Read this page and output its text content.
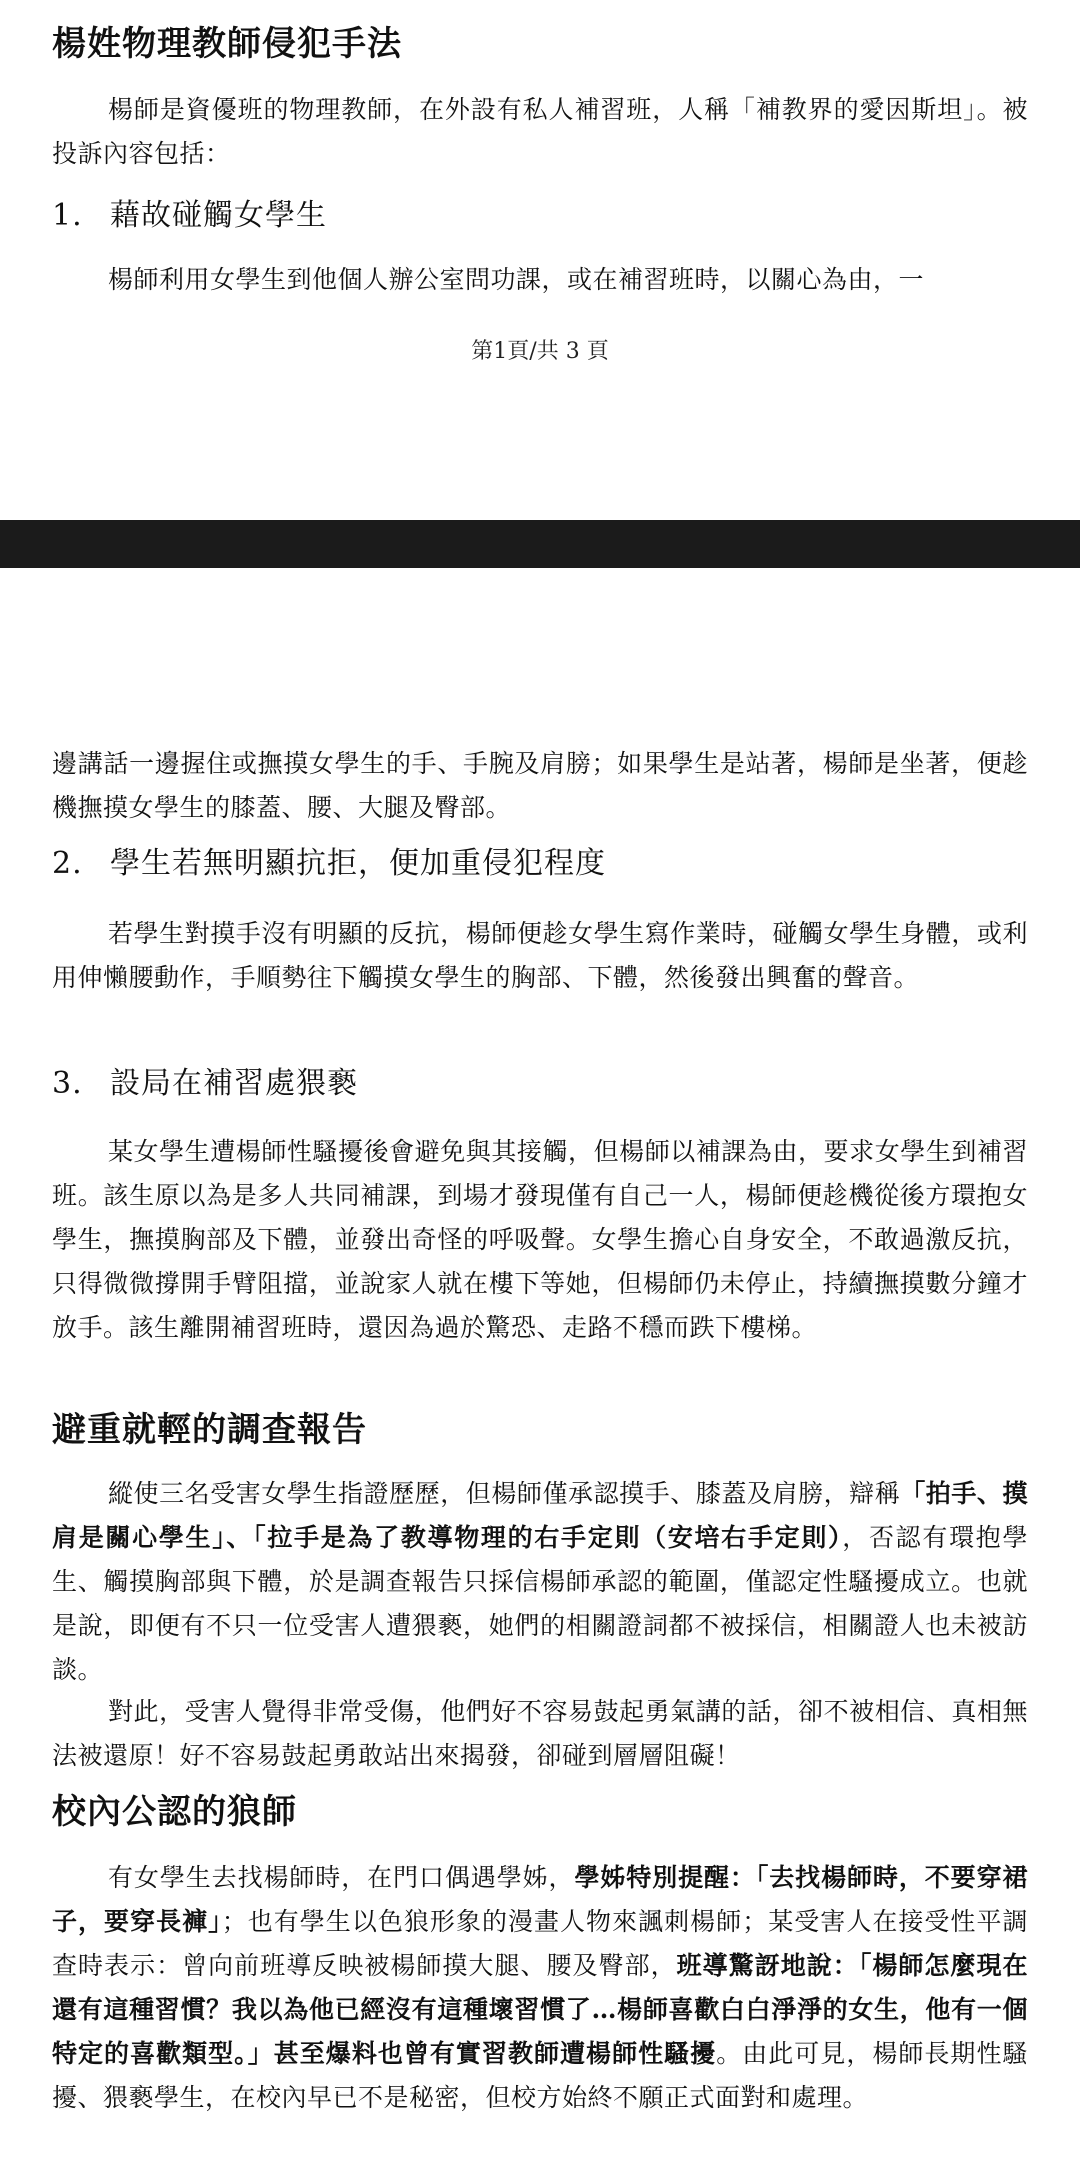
楊姓物理教師侵犯手法

楊師是資優班的物理教師，在外設有私人補習班，人稱「補教界的愛因斯坦」。被投訴內容包括：

1. 藉故碰觸女學生

楊師利用女學生到他個人辦公室問功課，或在補習班時，以關心為由，一

第1頁/共 3 頁

邊講話一邊握住或撫摸女學生的手、手腕及肩膀；如果學生是站著，楊師是坐著，便趁機撫摸女學生的膝蓋、腰、大腿及臀部。

2. 學生若無明顯抗拒，便加重侵犯程度

若學生對摸手沒有明顯的反抗，楊師便趁女學生寫作業時，碰觸女學生身體，或利用伸懶腰動作，手順勢往下觸摸女學生的胸部、下體，然後發出興奮的聲音。

3. 設局在補習處猥褻

某女學生遭楊師性騷擾後會避免與其接觸，但楊師以補課為由，要求女學生到補習班。該生原以為是多人共同補課，到場才發現僅有自己一人，楊師便趁機從後方環抱女學生，撫摸胸部及下體，並發出奇怪的呼吸聲。女學生擔心自身安全，不敢過激反抗，只得微微撐開手臂阻擋，並說家人就在樓下等她，但楊師仍未停止，持續撫摸數分鐘才放手。該生離開補習班時，還因為過於驚恐、走路不穩而跌下樓梯。

避重就輕的調查報告

縱使三名受害女學生指證歷歷，但楊師僅承認摸手、膝蓋及肩膀，辯稱「拍手、摸肩是關心學生」、「拉手是為了教導物理的右手定則（安培右手定則），否認有環抱學生、觸摸胸部與下體，於是調查報告只採信楊師承認的範圍，僅認定性騷擾成立。也就是說，即便有不只一位受害人遭猥褻，她們的相關證詞都不被採信，相關證人也未被訪談。

對此，受害人覺得非常受傷，他們好不容易鼓起勇氣講的話，卻不被相信、真相無法被還原！好不容易鼓起勇敢站出來揭發，卻碰到層層阻礙！

校內公認的狼師

有女學生去找楊師時，在門口偶遇學姊，學姊特別提醒：「去找楊師時，不要穿裙子，要穿長褲」；也有學生以色狼形象的漫畫人物來諷刺楊師；某受害人在接受性平調查時表示：曾向前班導反映被楊師摸大腿、腰及臀部，班導驚訝地說：「楊師怎麼現在還有這種習慣？我以為他已經沒有這種壞習慣了…楊師喜歡白白淨淨的女生，他有一個特定的喜歡類型。」甚至爆料也曾有實習教師遭楊師性騷擾。由此可見，楊師長期性騷擾、猥褻學生，在校內早已不是秘密，但校方始終不願正式面對和處理。
